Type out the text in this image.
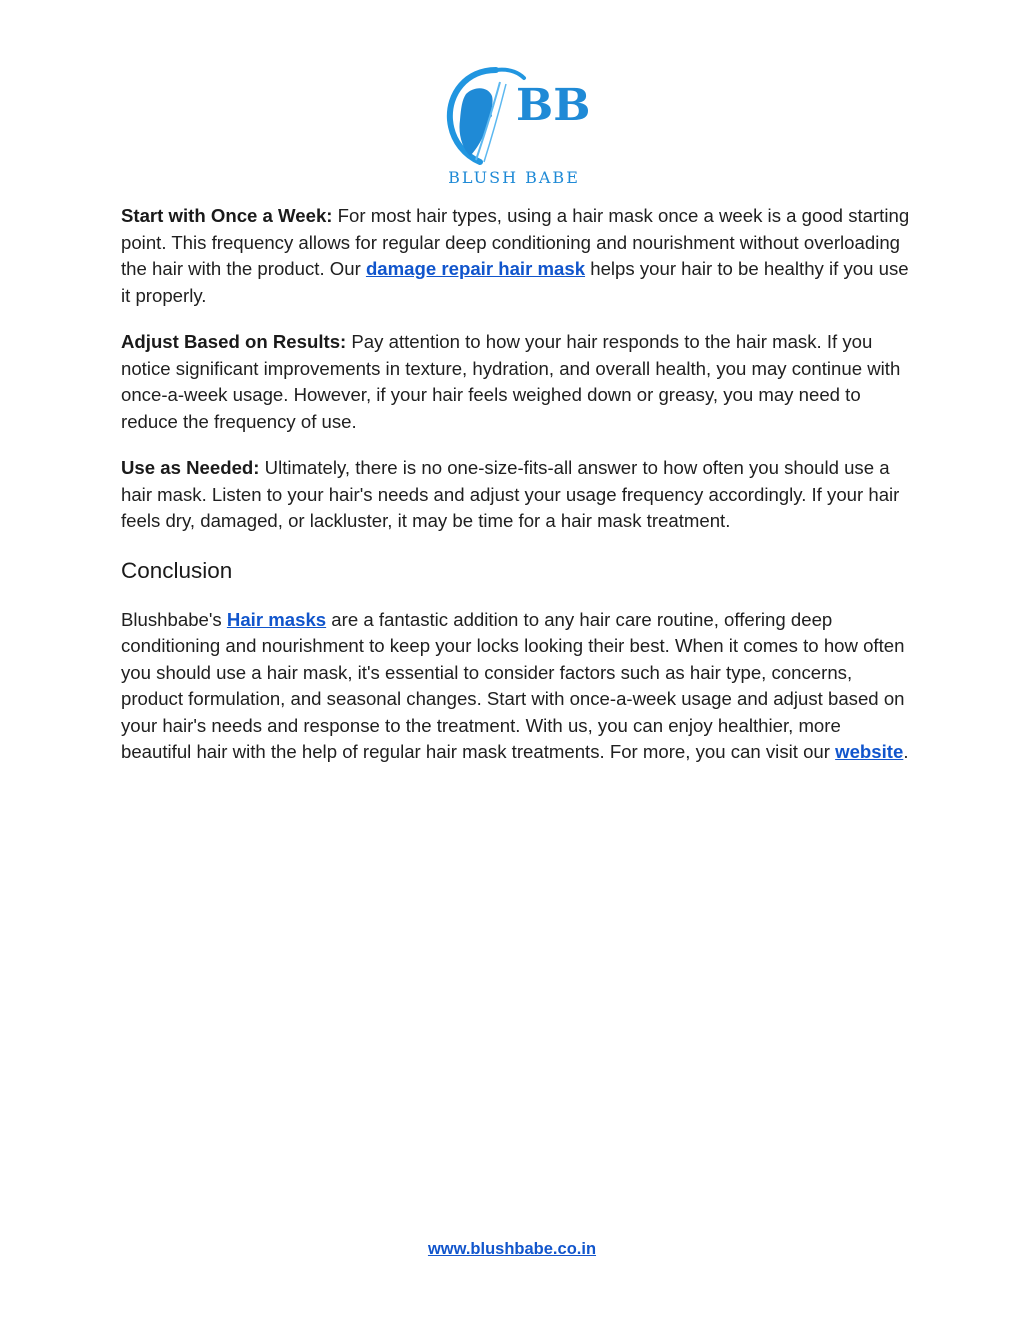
BB
BLUSH BABE

Start with Once a Week: For most hair types, using a hair mask once a week is a good starting point. This frequency allows for regular deep conditioning and nourishment without overloading the hair with the product. Our damage repair hair mask helps your hair to be healthy if you use it properly.

Adjust Based on Results: Pay attention to how your hair responds to the hair mask. If you notice significant improvements in texture, hydration, and overall health, you may continue with once-a-week usage. However, if your hair feels weighed down or greasy, you may need to reduce the frequency of use.

Use as Needed: Ultimately, there is no one-size-fits-all answer to how often you should use a hair mask. Listen to your hair's needs and adjust your usage frequency accordingly. If your hair feels dry, damaged, or lackluster, it may be time for a hair mask treatment.

Conclusion

Blushbabe's Hair masks are a fantastic addition to any hair care routine, offering deep conditioning and nourishment to keep your locks looking their best. When it comes to how often you should use a hair mask, it's essential to consider factors such as hair type, concerns, product formulation, and seasonal changes. Start with once-a-week usage and adjust based on your hair's needs and response to the treatment. With us, you can enjoy healthier, more beautiful hair with the help of regular hair mask treatments. For more, you can visit our website.

www.blushbabe.co.in
